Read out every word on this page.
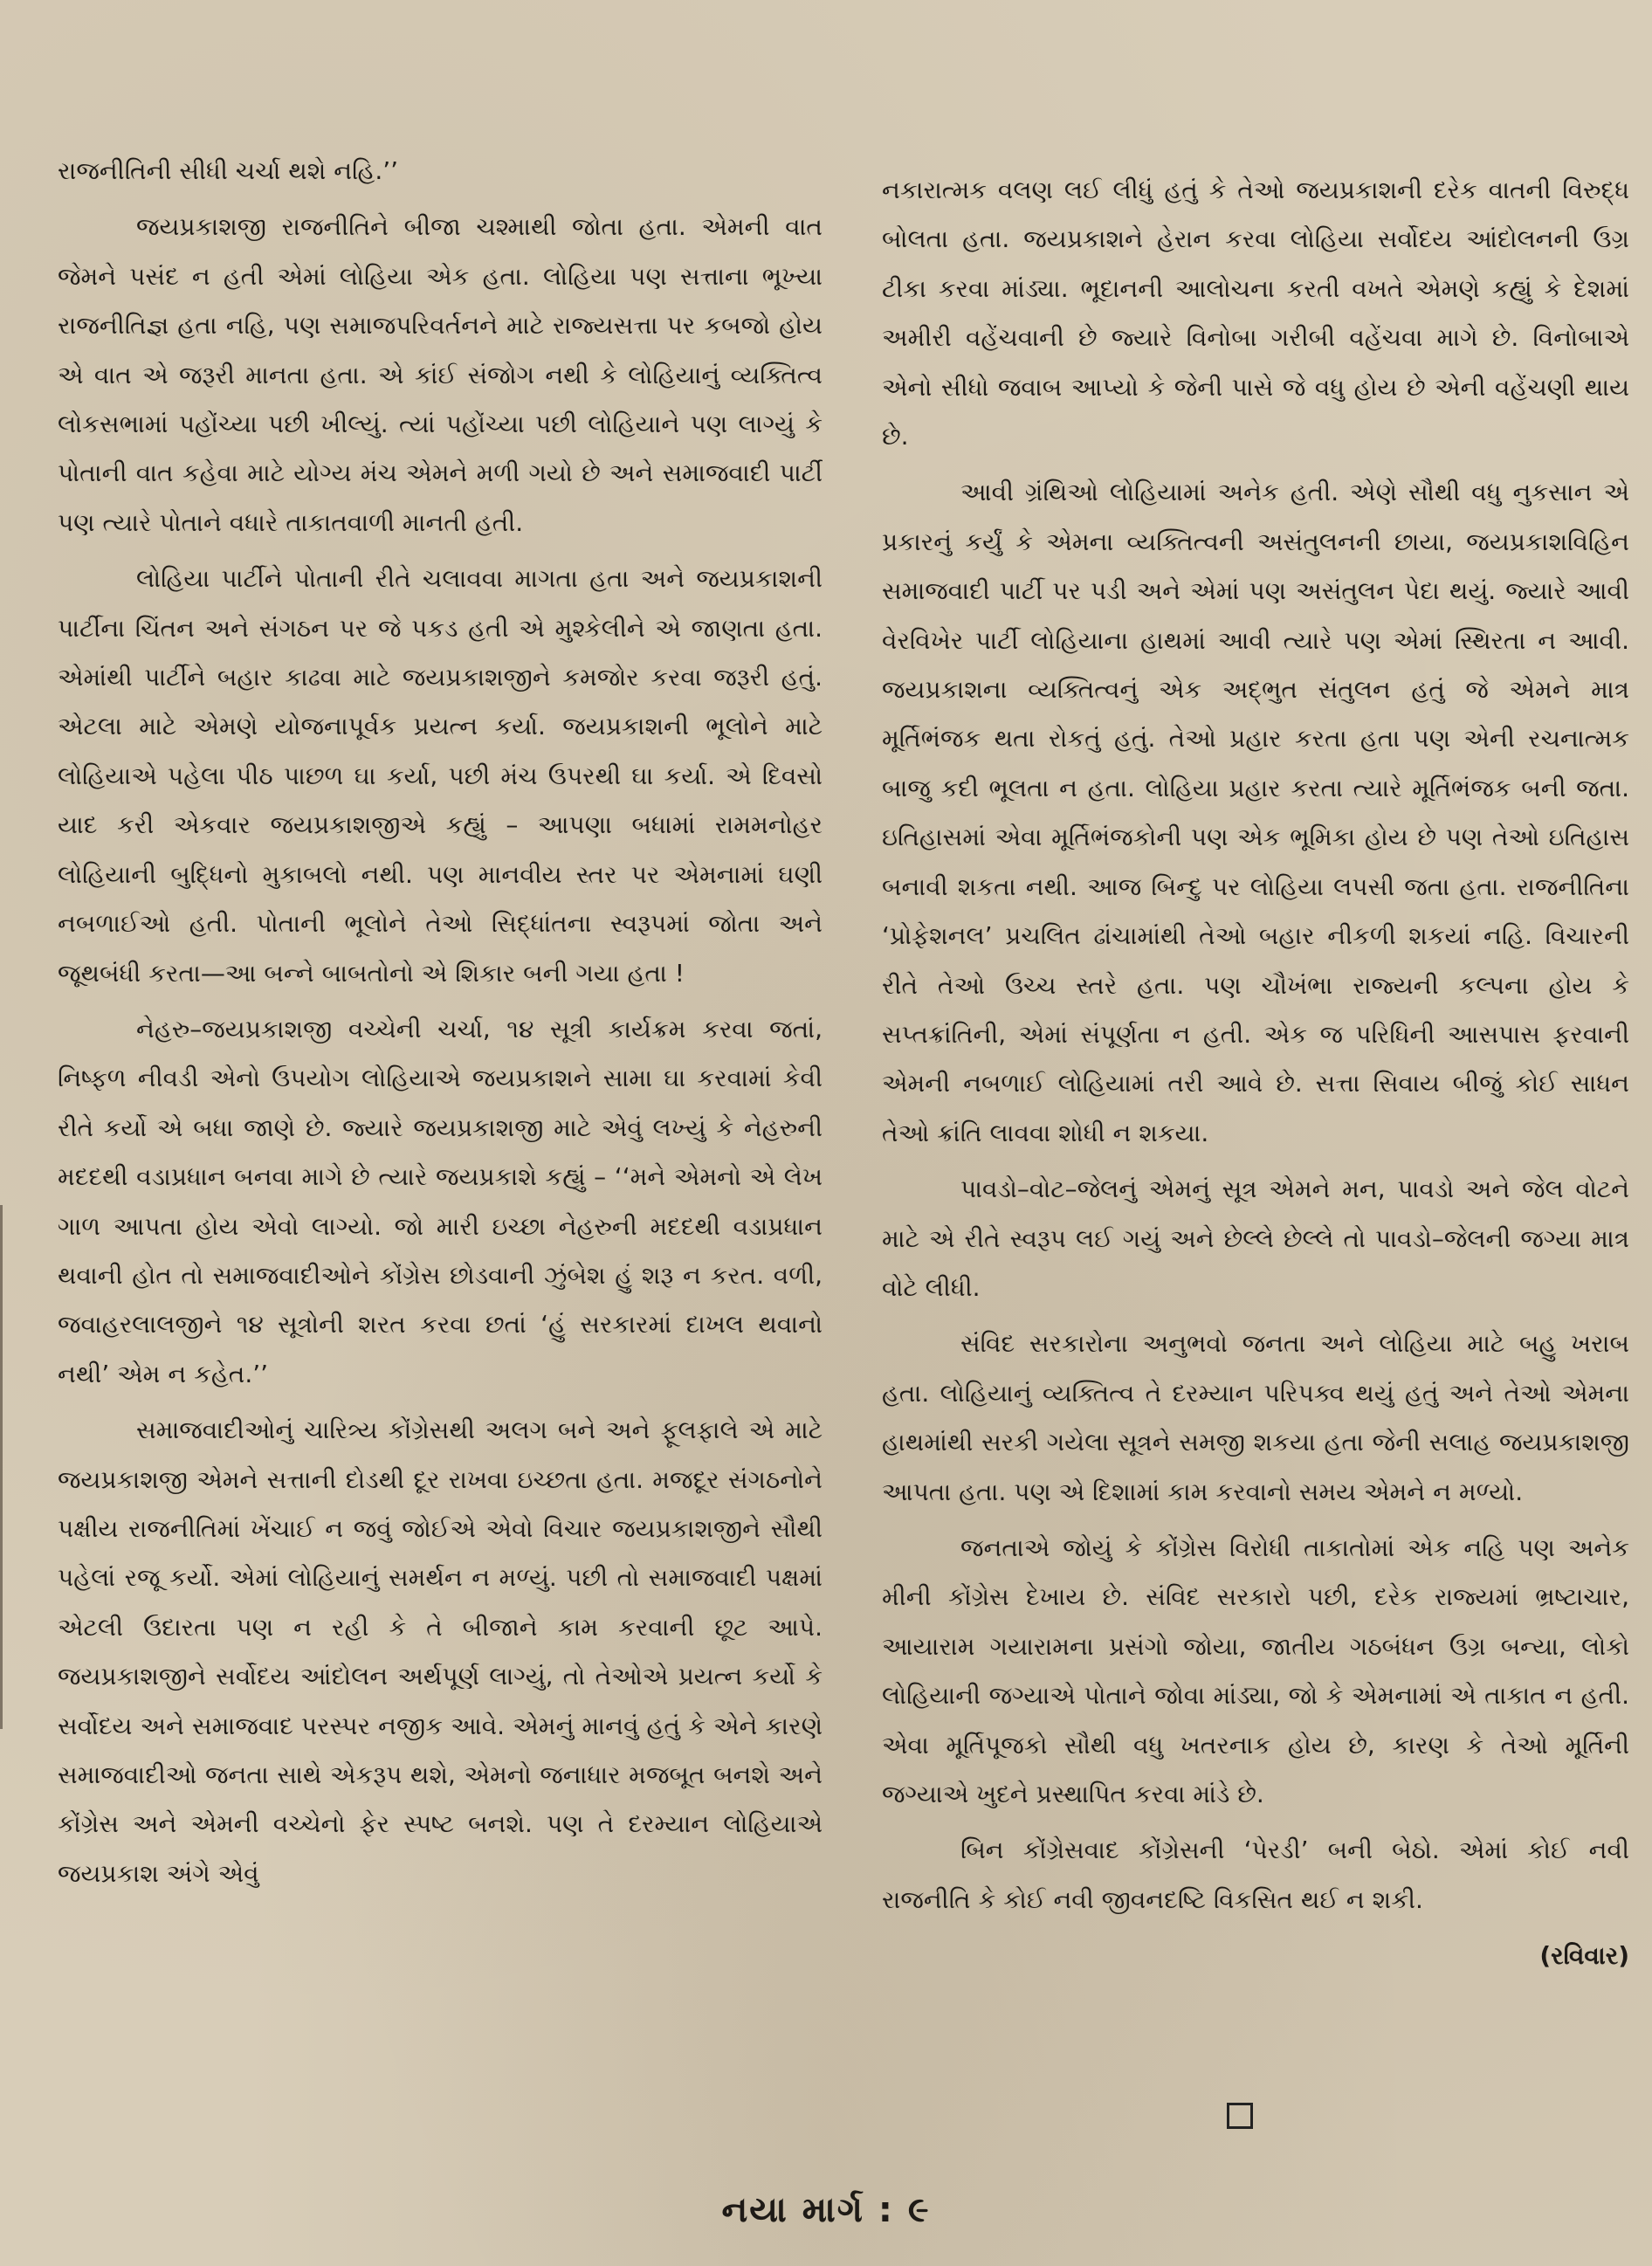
રાજનીતિની સીધી ચર્ચા થશે નહિ.’’

જયપ્રકાશજી રાજનીતિને બીજા ચશ્માથી જોતા હતા. એમની વાત જેમને પસંદ ન હતી એમાં લોહિયા એક હતા. લોહિયા પણ સત્તાના ભૂખ્યા રાજનીતિજ્ઞ હતા નહિ, પણ સમાજપરિવર્તનને માટે રાજ્યસત્તા પર કબજો હોય એ વાત એ જરૂરી માનતા હતા. એ કાંઈ સંજોગ નથી કે લોહિયાનું વ્યક્તિત્વ લોકસભામાં પહોંચ્યા પછી ખીલ્યું. ત્યાં પહોંચ્યા પછી લોહિયાને પણ લાગ્યું કે પોતાની વાત કહેવા માટે યોગ્ય મંચ એમને મળી ગયો છે અને સમાજવાદી પાર્ટી પણ ત્યારે પોતાને વધારે તાકાતવાળી માનતી હતી.

લોહિયા પાર્ટીને પોતાની રીતે ચલાવવા માગતા હતા અને જયપ્રકાશની પાર્ટીના ચિંતન અને સંગઠન પર જે પકડ હતી એ મુશ્કેલીને એ જાણતા હતા. એમાંથી પાર્ટીને બહાર કાઢવા માટે જયપ્રકાશજીને કમજોર કરવા જરૂરી હતું. એટલા માટે એમણે યોજનાપૂર્વક પ્રયત્ન કર્યા. જયપ્રકાશની ભૂલોને માટે લોહિયાએ પહેલા પીઠ પાછળ ઘા કર્યા, પછી મંચ ઉપરથી ઘા કર્યા. એ દિવસો યાદ કરી એકવાર જયપ્રકાશજીએ કહ્યું – આપણા બધામાં રામમનોહર લોહિયાની બુદ્ધિનો મુકાબલો નથી. પણ માનવીય સ્તર પર એમનામાં ઘણી નબળાઈઓ હતી. પોતાની ભૂલોને તેઓ સિદ્ધાંતના સ્વરૂપમાં જોતા અને જૂથબંધી કરતા—આ બન્ને બાબતોનો એ શિકાર બની ગયા હતા !

નેહરુ–જયપ્રકાશજી વચ્ચેની ચર્ચા, ૧૪ સૂત્રી કાર્યક્રમ કરવા જતાં, નિષ્ફળ નીવડી એનો ઉપયોગ લોહિયાએ જયપ્રકાશને સામા ઘા કરવામાં કેવી રીતે કર્યો એ બધા જાણે છે. જ્યારે જયપ્રકાશજી માટે એવું લખ્યું કે નેહરુની મદદથી વડાપ્રધાન બનવા માગે છે ત્યારે જયપ્રકાશે કહ્યું – ‘‘મને એમનો એ લેખ ગાળ આપતા હોય એવો લાગ્યો. જો મારી ઇચ્છા નેહરુની મદદથી વડાપ્રધાન થવાની હોત તો સમાજવાદીઓને કોંગ્રેસ છોડવાની ઝુંબેશ હું શરૂ ન કરત. વળી, જવાહરલાલજીને ૧૪ સૂત્રોની શરત કરવા છતાં ‘હું સરકારમાં દાખલ થવાનો નથી’ એમ ન કહેત.’’

સમાજવાદીઓનું ચારિત્ર્ય કોંગ્રેસથી અલગ બને અને ફૂલફાલે એ માટે જયપ્રકાશજી એમને સત્તાની દોડથી દૂર રાખવા ઇચ્છતા હતા. મજદૂર સંગઠનોને પક્ષીય રાજનીતિમાં ખેંચાઈ ન જવું જોઈએ એવો વિચાર જયપ્રકાશજીને સૌથી પહેલાં રજૂ કર્યો. એમાં લોહિયાનું સમર્થન ન મળ્યું. પછી તો સમાજવાદી પક્ષમાં એટલી ઉદારતા પણ ન રહી કે તે બીજાને કામ કરવાની છૂટ આપે. જયપ્રકાશજીને સર્વોદય આંદોલન અર્થપૂર્ણ લાગ્યું, તો તેઓએ પ્રયત્ન કર્યો કે સર્વોદય અને સમાજવાદ પરસ્પર નજીક આવે. એમનું માનવું હતું કે એને કારણે સમાજવાદીઓ જનતા સાથે એકરૂપ થશે, એમનો જનાધાર મજબૂત બનશે અને કોંગ્રેસ અને એમની વચ્ચેનો ફેર સ્પષ્ટ બનશે. પણ તે દરમ્યાન લોહિયાએ જયપ્રકાશ અંગે એવું

નકારાત્મક વલણ લઈ લીધું હતું કે તેઓ જયપ્રકાશની દરેક વાતની વિરુદ્ધ બોલતા હતા. જયપ્રકાશને હેરાન કરવા લોહિયા સર્વોદય આંદોલનની ઉગ્ર ટીકા કરવા માંડ્યા. ભૂદાનની આલોચના કરતી વખતે એમણે કહ્યું કે દેશમાં અમીરી વહેંચવાની છે જ્યારે વિનોબા ગરીબી વહેંચવા માગે છે. વિનોબાએ એનો સીધો જવાબ આપ્યો કે જેની પાસે જે વધુ હોય છે એની વહેંચણી થાય છે.

આવી ગ્રંથિઓ લોહિયામાં અનેક હતી. એણે સૌથી વધુ નુકસાન એ પ્રકારનું કર્યું કે એમના વ્યક્તિત્વની અસંતુલનની છાયા, જયપ્રકાશવિહિન સમાજવાદી પાર્ટી પર પડી અને એમાં પણ અસંતુલન પેદા થયું. જ્યારે આવી વેરવિખેર પાર્ટી લોહિયાના હાથમાં આવી ત્યારે પણ એમાં સ્થિરતા ન આવી. જયપ્રકાશના વ્યક્તિત્વનું એક અદ્ભુત સંતુલન હતું જે એમને માત્ર મૂર્તિભંજક થતા રોકતું હતું. તેઓ પ્રહાર કરતા હતા પણ એની રચનાત્મક બાજુ કદી ભૂલતા ન હતા. લોહિયા પ્રહાર કરતા ત્યારે મૂર્તિભંજક બની જતા. ઇતિહાસમાં એવા મૂર્તિભંજકોની પણ એક ભૂમિકા હોય છે પણ તેઓ ઇતિહાસ બનાવી શકતા નથી. આજ બિન્દુ પર લોહિયા લપસી જતા હતા. રાજનીતિના ‘પ્રોફેશનલ’ પ્રચલિત ઢાંચામાંથી તેઓ બહાર નીકળી શકયાં નહિ. વિચારની રીતે તેઓ ઉચ્ચ સ્તરે હતા. પણ ચૌખંભા રાજ્યની કલ્પના હોય કે સપ્તક્રાંતિની, એમાં સંપૂર્ણતા ન હતી. એક જ પરિધિની આસપાસ ફરવાની એમની નબળાઈ લોહિયામાં તરી આવે છે. સત્તા સિવાય બીજું કોઈ સાધન તેઓ ક્રાંતિ લાવવા શોધી ન શકયા.

પાવડો–વોટ–જેલનું એમનું સૂત્ર એમને મન, પાવડો અને જેલ વોટને માટે એ રીતે સ્વરૂપ લઈ ગયું અને છેલ્લે છેલ્લે તો પાવડો–જેલની જગ્યા માત્ર વોટે લીધી.

સંવિદ સરકારોના અનુભવો જનતા અને લોહિયા માટે બહુ ખરાબ હતા. લોહિયાનું વ્યક્તિત્વ તે દરમ્યાન પરિપક્વ થયું હતું અને તેઓ એમના હાથમાંથી સરકી ગયેલા સૂત્રને સમજી શકયા હતા જેની સલાહ જયપ્રકાશજી આપતા હતા. પણ એ દિશામાં કામ કરવાનો સમય એમને ન મળ્યો.

જનતાએ જોયું કે કોંગ્રેસ વિરોધી તાકાતોમાં એક નહિ પણ અનેક મીની કોંગ્રેસ દેખાય છે. સંવિદ સરકારો પછી, દરેક રાજ્યમાં ભ્રષ્ટાચાર, આયારામ ગયારામના પ્રસંગો જોયા, જાતીય ગઠબંધન ઉગ્ર બન્યા, લોકો લોહિયાની જગ્યાએ પોતાને જોવા માંડ્યા, જો કે એમનામાં એ તાકાત ન હતી. એવા મૂર્તિપૂજકો સૌથી વધુ ખતરનાક હોય છે, કારણ કે તેઓ મૂર્તિની જગ્યાએ ખુદને પ્રસ્થાપિત કરવા માંડે છે.

બિન કોંગ્રેસવાદ કોંગ્રેસની ‘પેરડી’ બની બેઠો. એમાં કોઈ નવી રાજનીતિ કે કોઈ નવી જીવનદષ્ટિ વિકસિત થઈ ન શકી.

(રવિવાર)

નયા માર્ગ : ૯
